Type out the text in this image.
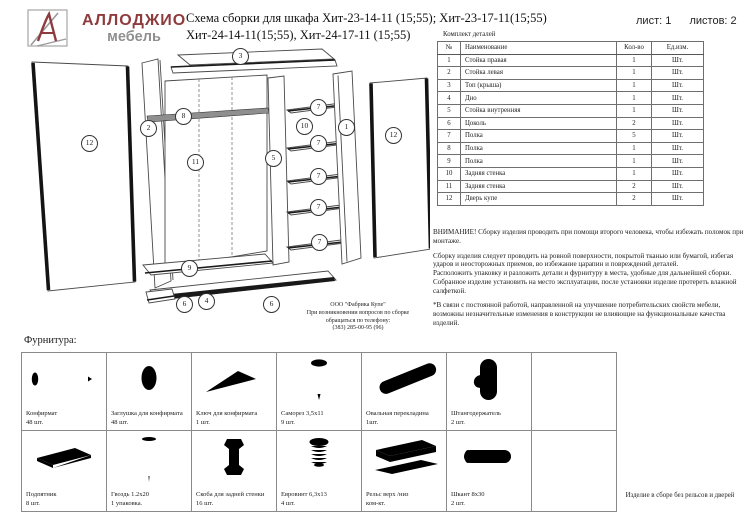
АЛЛОДЖИО
мебель
Схема сборки для шкафа Хит-23-14-11 (15;55); Хит-23-17-11(15;55)
Хит-24-14-11(15;55), Хит-24-17-11 (15;55)
лист: 1 листов: 2
Комплект деталей
№	Наименование	Кол-во	Ед.изм.
1	Стойка правая	1	Шт.
2	Стойка левая	1	Шт.
3	Топ (крыша)	1	Шт.
4	Дно	1	Шт.
5	Стойка внутренняя	1	Шт.
6	Цоколь	2	Шт.
7	Полка	5	Шт.
8	Полка	1	Шт.
9	Полка	1	Шт.
10	Задняя стенка	1	Шт.
11	Задняя стенка	2	Шт.
12	Дверь купе	2	Шт.

ВНИМАНИЕ! Сборку изделия проводить при помощи второго человека, чтобы избежать поломок при монтаже.

Сборку изделия следует проводить на ровной поверхности, покрытой тканью или бумагой, избегая ударов и неосторожных приемов, во избежание царапин и повреждений деталей.

Расположить упаковку и разложить детали и фурнитуру в места, удобные для дальнейшей сборки.

Собранное изделие установить на место эксплуатации, после установки изделие протереть влажной салфеткой.

*В связи с постоянной работой, направленной на улучшение потребительских свойств мебели, возможны незначительные изменения в конструкции не влияющие на функциональные качества изделий.

12
2
8
3
11	5
10
7
7
7
7
7
1
12
9
6	4	6	ООО "Фабрика Купе"
При возникновении вопросов по сборке
обращаться по телефону:
(383) 285-00-95 (96)
Фурнитура:
Конфирмат
48 шт.
Заглушка для конфирмата
48 шт.
Ключ для конфирмата
1 шт.
Саморез 3,5х11
9 шт.
Овальная перекладина
1шт.
Штангодержатель
2 шт.
Подпятник
8 шт.
Гвоздь 1.2х20
1 упаковка.
Скоба для задней стенки
16 шт.
Евровинт 6,3х13
4 шт.
Рельс верх /низ
ком-кт.
Шкант 8х30
2 шт.
Изделие в сборе без рельсов и дверей
